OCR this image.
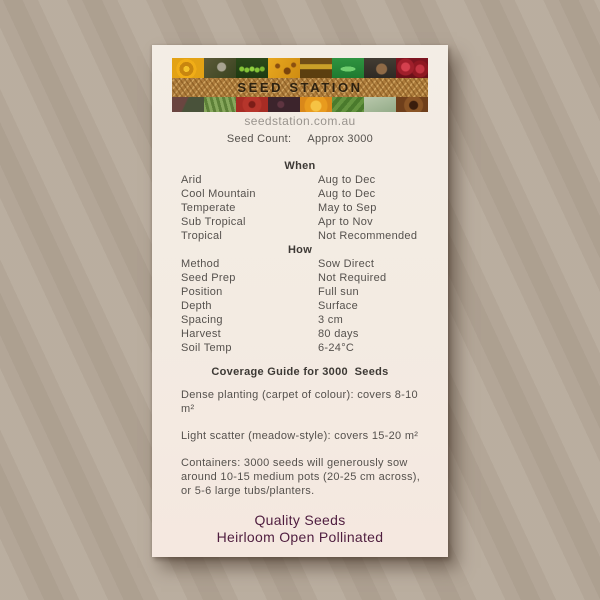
SEED STATION
seedstation.com.au
Seed Count: Approx 3000
When
Arid	Aug to Dec
Cool Mountain	Aug to Dec
Temperate	May to Sep
Sub Tropical	Apr to Nov
Tropical	Not Recommended
How
Method	Sow Direct
Seed Prep	Not Required
Position	Full sun
Depth	Surface
Spacing	3 cm
Harvest	80 days
Soil Temp	6-24°C
Coverage Guide for 3000  Seeds
Dense planting (carpet of colour): covers 8-10 m²
Light scatter (meadow-style): covers 15-20 m²
Containers: 3000 seeds will generously sow around 10-15 medium pots (20-25 cm across), or 5-6 large tubs/planters.
Quality Seeds
Heirloom Open Pollinated
